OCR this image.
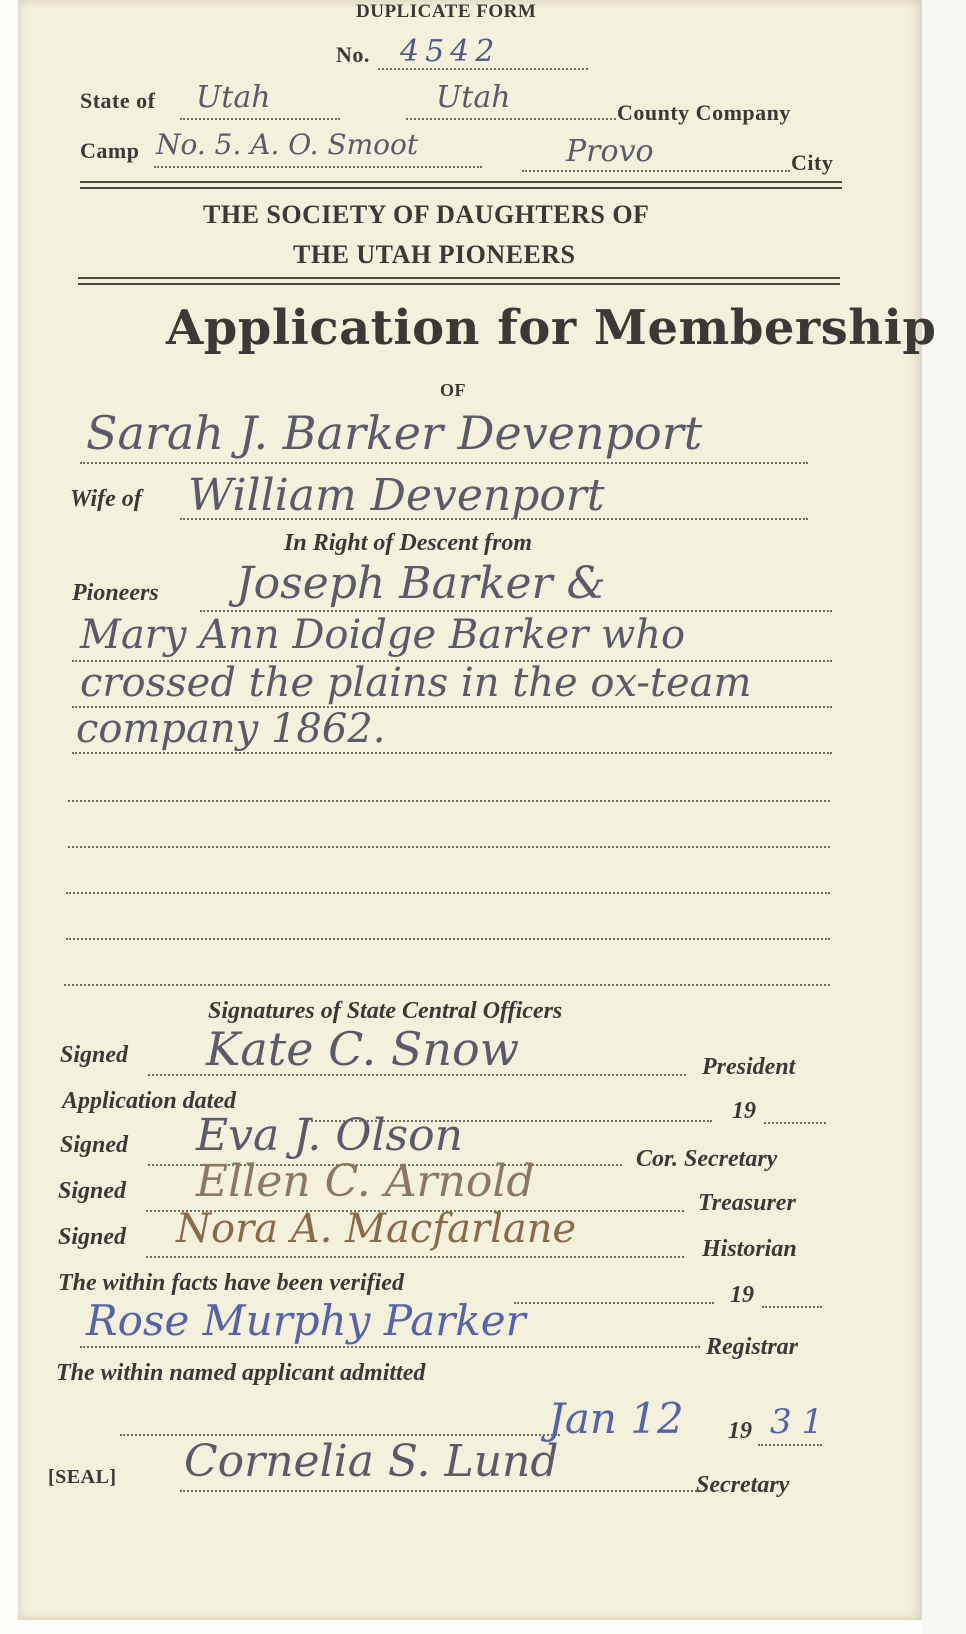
DUPLICATE FORM
No. 4542
State of Utah	Utah	County Company
Camp No. 5. A. O. Smoot	Provo	City
THE SOCIETY OF DAUGHTERS OF
THE UTAH PIONEERS
Application for Membership
OF
Sarah J. Barker Devenport
Wife of William Devenport
In Right of Descent from
Pioneers Joseph Barker &
Mary Ann Doidge Barker who
crossed the plains in the ox-team
company 1862.
Signatures of State Central Officers
Signed Kate C. Snow	President
Application dated	19
Signed Eva J. Olson	Cor. Secretary
Signed Ellen C. Arnold	Treasurer
Signed Nora A. Macfarlane	Historian
The within facts have been verified	19
Rose Murphy Parker
Registrar
The within named applicant admitted
Jan 12 19 31
[SEAL] Cornelia S. Lund	Secretary
